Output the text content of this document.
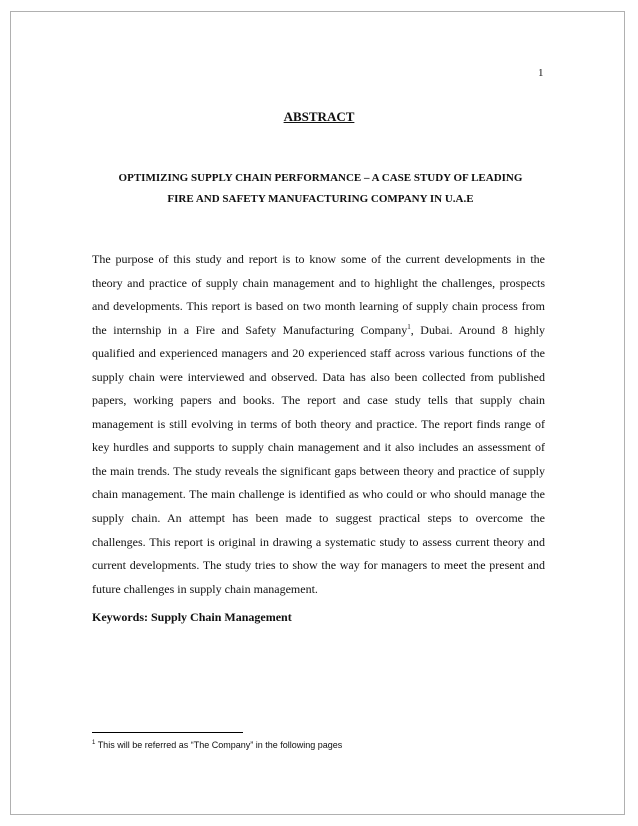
1
ABSTRACT
OPTIMIZING SUPPLY CHAIN PERFORMANCE – A CASE STUDY OF LEADING
FIRE AND SAFETY MANUFACTURING COMPANY IN U.A.E

The purpose of this study and report is to know some of the current developments in the theory and practice of supply chain management and to highlight the challenges, prospects and developments. This report is based on two month learning of supply chain process from the internship in a Fire and Safety Manufacturing Company$^1$, Dubai. Around 8 highly qualified and experienced managers and 20 experienced staff across various functions of the supply chain were interviewed and observed. Data has also been collected from published papers, working papers and books. The report and case study tells that supply chain management is still evolving in terms of both theory and practice. The report finds range of key hurdles and supports to supply chain management and it also includes an assessment of the main trends. The study reveals the significant gaps between theory and practice of supply chain management. The main challenge is identified as who could or who should manage the supply chain. An attempt has been made to suggest practical steps to overcome the challenges. This report is original in drawing a systematic study to assess current theory and current developments. The study tries to show the way for managers to meet the present and future challenges in supply chain management.

Keywords: Supply Chain Management
$^1$ This will be referred as “The Company” in the following pages
